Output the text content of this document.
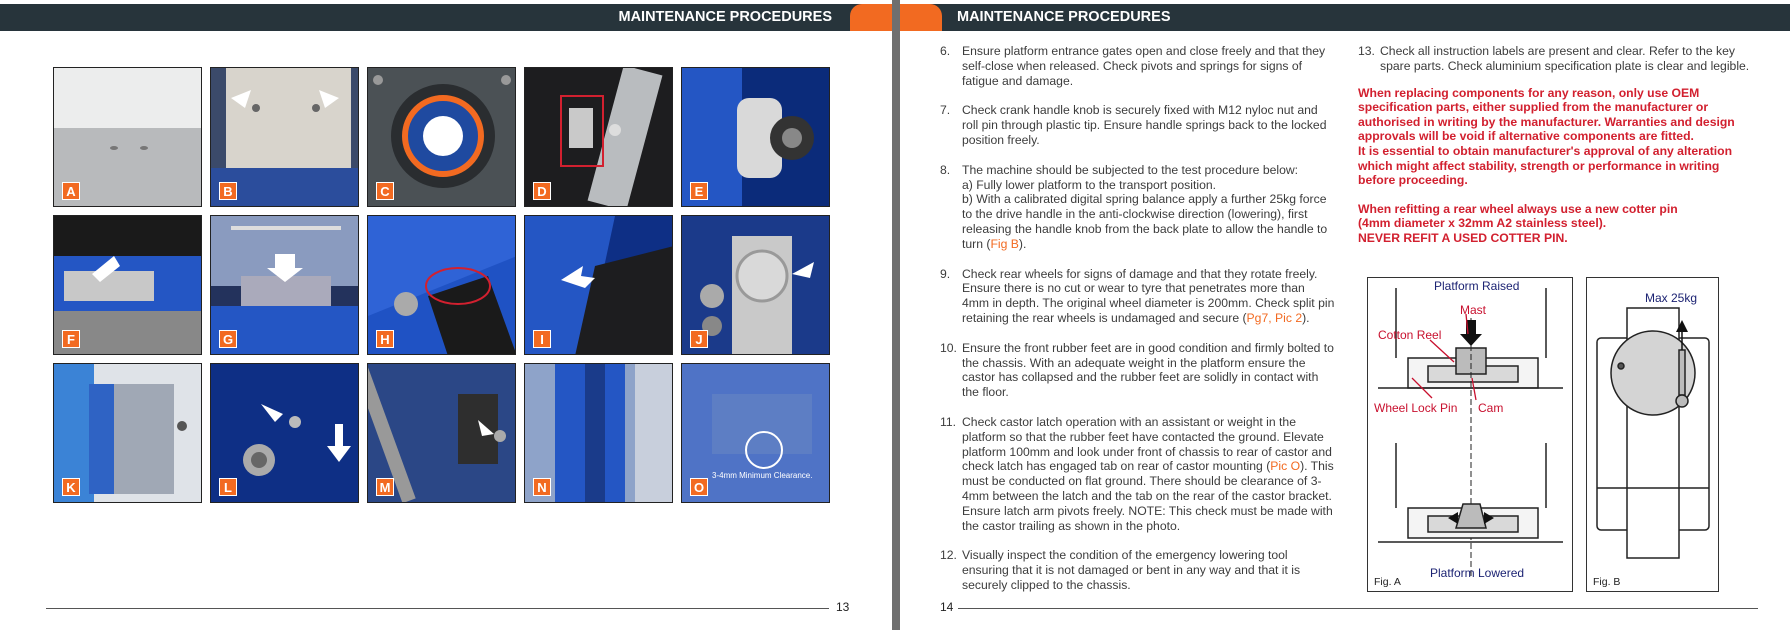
MAINTENANCE PROCEDURES
A	B
ELEVATE
C	D	E
F	G	H	I	J
K	L	M	N
3-4mm Minimum Clearance.
O
13
MAINTENANCE PROCEDURES
6. Ensure platform entrance gates open and close freely and that they self-close when released. Check pivots and springs for signs of fatigue and damage.
7. Check crank handle knob is securely fixed with M12 nyloc nut and roll pin through plastic tip. Ensure handle springs back to the locked position freely.
8. The machine should be subjected to the test procedure below:
a) Fully lower platform to the transport position.
b) With a calibrated digital spring balance apply a further 25kg force to the drive handle in the anti-clockwise direction (lowering), first releasing the handle knob from the back plate to allow the handle to turn (Fig B).
9. Check rear wheels for signs of damage and that they rotate freely. Ensure there is no cut or wear to tyre that penetrates more than 4mm in depth. The original wheel diameter is 200mm. Check split pin retaining the rear wheels is undamaged and secure (Pg7, Pic 2).
10. Ensure the front rubber feet are in good condition and firmly bolted to the chassis. With an adequate weight in the platform ensure the castor has collapsed and the rubber feet are solidly in contact with the floor.
11. Check castor latch operation with an assistant or weight in the platform so that the rubber feet have contacted the ground. Elevate platform 100mm and look under front of chassis to rear of castor and check latch has engaged tab on rear of castor mounting (Pic O). This must be conducted on flat ground. There should be clearance of 3-4mm between the latch and the tab on the rear of the castor bracket. Ensure latch arm pivots freely. NOTE: This check must be made with the castor trailing as shown in the photo.
12. Visually inspect the condition of the emergency lowering tool ensuring that it is not damaged or bent in any way and that it is securely clipped to the chassis.
13. Check all instruction labels are present and clear. Refer to the key spare parts. Check aluminium specification plate is clear and legible.
When replacing components for any reason, only use OEM specification parts, either supplied from the manufacturer or authorised in writing by the manufacturer. Warranties and design approvals will be void if alternative components are fitted.
It is essential to obtain manufacturer's approval of any alteration which might affect stability, strength or performance in writing before proceeding.
When refitting a rear wheel always use a new cotter pin (4mm diameter x 32mm A2 stainless steel).
NEVER REFIT A USED COTTER PIN.
Platform Raised
Mast
Cotton Reel
Wheel Lock Pin Cam
Platform Lowered
Fig. A
Max 25kg
Fig. B
14
